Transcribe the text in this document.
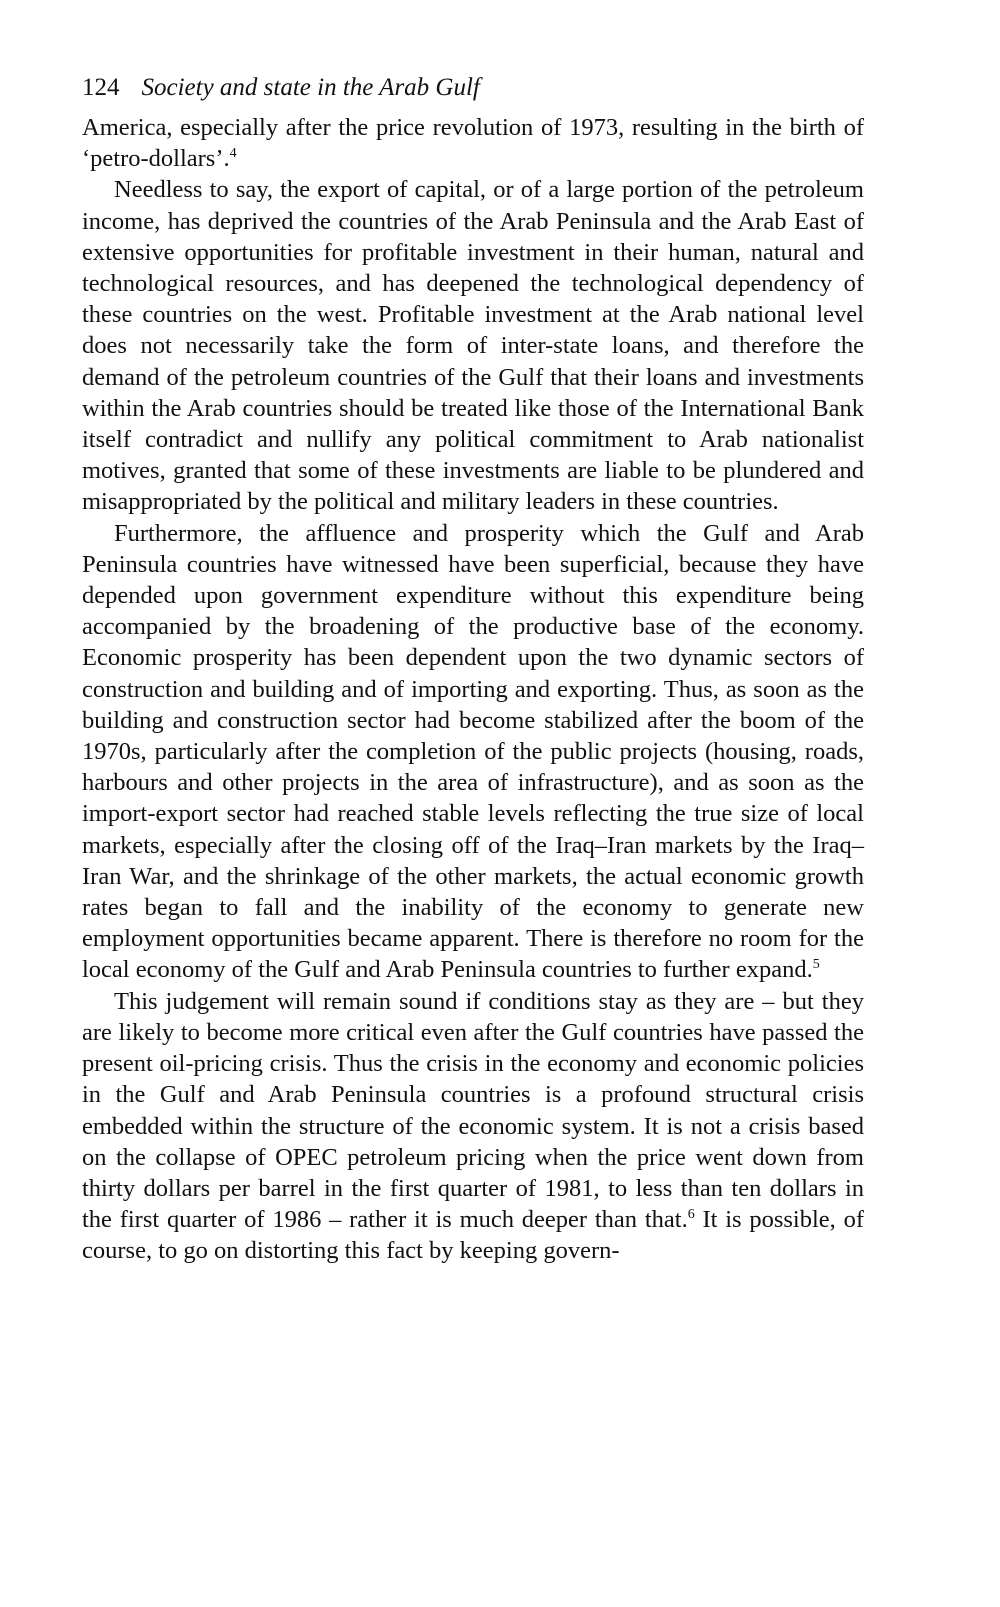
124 Society and state in the Arab Gulf

America, especially after the price revolution of 1973, resulting in the birth of ‘petro-dollars’.$^4$

Needless to say, the export of capital, or of a large portion of the petroleum income, has deprived the countries of the Arab Peninsula and the Arab East of extensive opportunities for profitable investment in their human, natural and technological resources, and has deepened the technological dependency of these countries on the west. Profitable investment at the Arab national level does not necessarily take the form of inter-state loans, and therefore the demand of the petroleum countries of the Gulf that their loans and investments within the Arab countries should be treated like those of the International Bank itself contradict and nullify any political commitment to Arab nationalist motives, granted that some of these investments are liable to be plundered and misappropriated by the political and military leaders in these countries.

Furthermore, the affluence and prosperity which the Gulf and Arab Peninsula countries have witnessed have been superficial, because they have depended upon government expenditure without this expenditure being accompanied by the broadening of the productive base of the economy. Economic prosperity has been dependent upon the two dynamic sectors of construction and building and of importing and exporting. Thus, as soon as the building and construction sector had become stabilized after the boom of the 1970s, particularly after the completion of the public projects (housing, roads, harbours and other projects in the area of infrastructure), and as soon as the import-export sector had reached stable levels reflecting the true size of local markets, especially after the closing off of the Iraq–Iran markets by the Iraq–Iran War, and the shrinkage of the other markets, the actual economic growth rates began to fall and the inability of the economy to generate new employment opportunities became apparent. There is therefore no room for the local economy of the Gulf and Arab Peninsula countries to further expand.$^5$

This judgement will remain sound if conditions stay as they are – but they are likely to become more critical even after the Gulf countries have passed the present oil-pricing crisis. Thus the crisis in the economy and economic policies in the Gulf and Arab Peninsula countries is a profound structural crisis embedded within the structure of the economic system. It is not a crisis based on the collapse of OPEC petroleum pricing when the price went down from thirty dollars per barrel in the first quarter of 1981, to less than ten dollars in the first quarter of 1986 – rather it is much deeper than that.$^6$ It is possible, of course, to go on distorting this fact by keeping govern-
